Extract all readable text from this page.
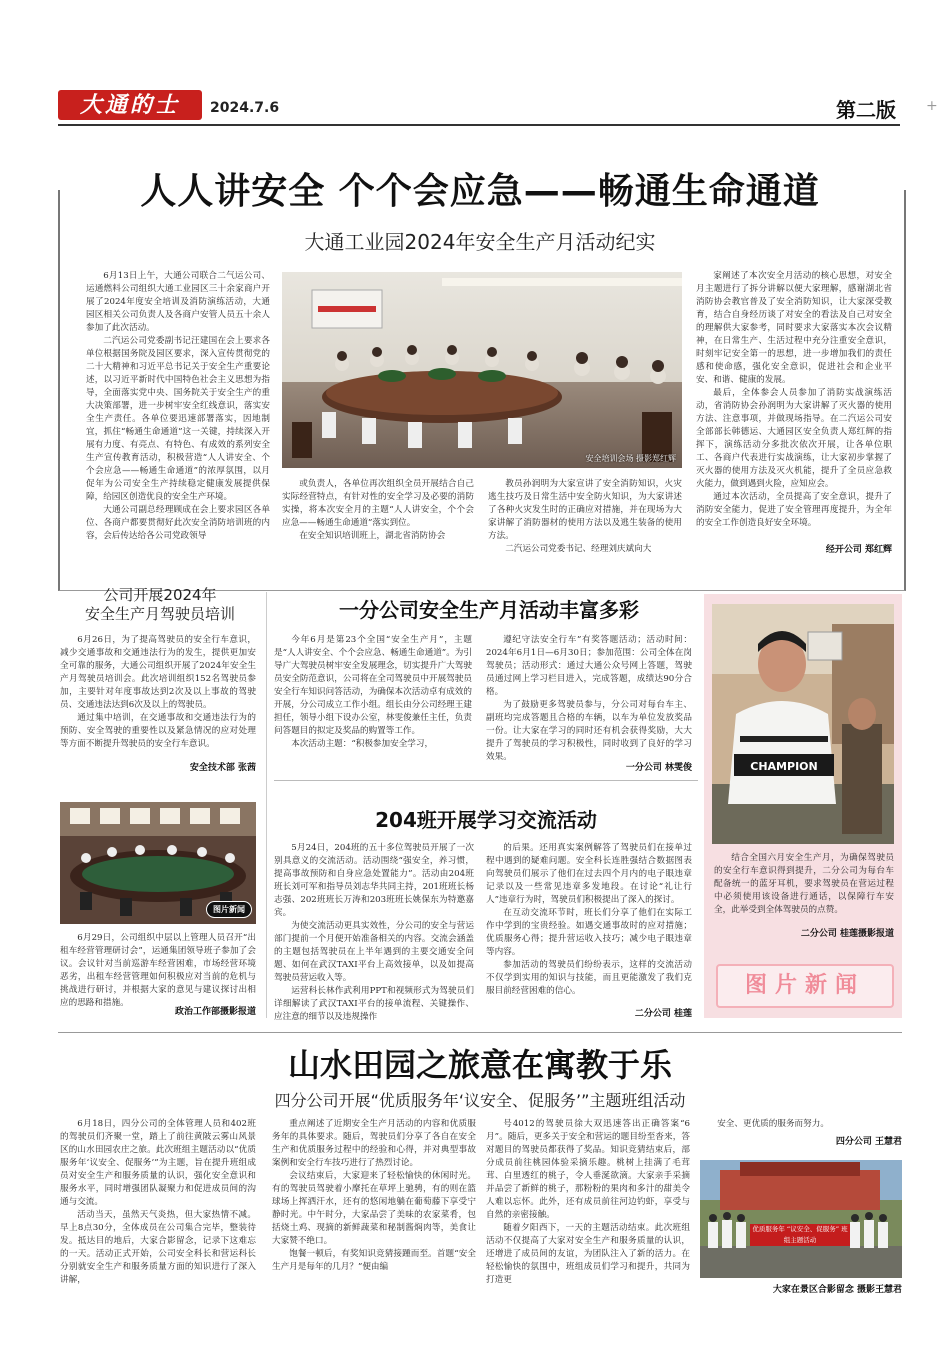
大通的士	2024.7.6	第二版 +
人人讲安全 个个会应急——畅通生命通道
大通工业园2024年安全生产月活动纪实

6月13日上午，大通公司联合二气运公司、运通燃料公司组织大通工业园区三十余家商户开展了2024年度安全培训及消防演练活动，大通园区相关公司负责人及各商户安管人员五十余人参加了此次活动。

二汽运公司党委副书记汪建国在会上要求各单位根据国务院及园区要求，深入宣传贯彻党的二十大精神和习近平总书记关于安全生产重要论述，以习近平新时代中国特色社会主义思想为指导，全面落实党中央、国务院关于安全生产的重大决策部署，进一步树牢安全红线意识，落实安全生产责任。各单位要迅速部署落实，因地制宜，抓住“畅通生命通道”这一关键，持续深入开展有力度、有亮点、有特色、有成效的系列安全生产宣传教育活动，积极营造“人人讲安全、个个会应急——畅通生命通道”的浓厚氛围，以月促年为公司安全生产持续稳定健康发展提供保障，给园区创造优良的安全生产环境。

大通公司副总经理顾成在会上要求园区各单位、各商户都要贯彻好此次安全消防培训班的内容，会后传达给各公司党政领导

安全培训会场 摄影郑红辉

或负责人，各单位再次组织全员开展结合自己实际经营特点，有针对性的安全学习及必要的消防实操，将本次安全月的主题“人人讲安全，个个会应急——畅通生命通道”落实到位。

在安全知识培训班上，湖北省消防协会

教员孙润明为大家宣讲了安全消防知识，火灾逃生技巧及日常生活中安全防火知识，为大家讲述了各种火灾发生时的正确应对措施，并在现场为大家讲解了消防器材的使用方法以及逃生装备的使用方法。

二汽运公司党委书记、经理刘庆斌向大

家阐述了本次安全月活动的核心思想，对安全月主题进行了拆分讲解以便大家理解，感谢湖北省消防协会教官普及了安全消防知识，让大家深受教育，结合自身经历谈了对安全的看法及自己对安全的理解供大家参考，同时要求大家落实本次会议精神，在日常生产、生活过程中充分注重安全意识，时刻牢记安全第一的思想，进一步增加我们的责任感和使命感，强化安全意识，促进社会和企业平安、和谐、健康的发展。

最后，全体参会人员参加了消防实战演练活动，省消防协会孙润明为大家讲解了灭火器的使用方法、注意事项，并做现场指导。在二汽运公司安全部部长韩德运、大通园区安全负责人郑红辉的指挥下，演练活动分多批次依次开展，让各单位职工、各商户代表进行实战演练，让大家初步掌握了灭火器的使用方法及灭火机能，提升了全员应急救火能力，做到遇到火险，应知应会。

通过本次活动，全员提高了安全意识，提升了消防安全能力，促进了安全管理再度提升，为全年的安全工作创造良好安全环境。

经开公司 郑红辉
公司开展2024年
安全生产月驾驶员培训

6月26日，为了提高驾驶员的安全行车意识，减少交通事故和交通违法行为的发生，提供更加安全可靠的服务，大通公司组织开展了2024年安全生产月驾驶员培训会。此次培训组织152名驾驶员参加，主要针对年度事故达到2次及以上事故的驾驶员、交通违法达到6次及以上的驾驶员。

通过集中培训，在交通事故和交通违法行为的预防、安全驾驶的重要性以及紧急情况的应对处理等方面不断提升驾驶员的安全行车意识。

安全技术部 张茜
一分公司安全生产月活动丰富多彩

今年6月是第23个全国“安全生产月”，主题是“人人讲安全、个个会应急、畅通生命通道”。为引导广大驾驶员树牢安全发展理念，切实提升广大驾驶员安全防范意识，公司将在全司驾驶员中开展驾驶员安全行车知识问答活动，为确保本次活动卓有成效的开展，分公司成立工作小组。组长由分公司经理王建担任，领导小组下设办公室，林雯俊兼任主任，负责问答题目的拟定及奖品的购置等工作。

本次活动主题：“积极参加安全学习，

遵纪守法安全行车”有奖答题活动；活动时间：2024年6月1日—6月30日；参加范围：公司全体在岗驾驶员；活动形式：通过大通公众号网上答题，驾驶员通过网上学习栏目进入，完成答题，成绩达90分合格。

为了鼓励更多驾驶员参与，分公司对每台车主、副班均完成答题且合格的车辆，以车为单位发放奖品一份。让大家在学习的同时还有机会获得奖励，大大提升了驾驶员的学习积极性，同时收到了良好的学习效果。

一分公司 林雯俊	CHAMPION

结合全国六月安全生产月，为确保驾驶员的安全行车意识得到提升，二分公司为每台车配备统一的蓝牙耳机，要求驾驶员在营运过程中必须使用该设备进行通话，以保障行车安全，此举受到全体驾驶员的点赞。

二分公司 桂莲摄影报道
图片新闻
图片新闻

6月29日，公司组织中层以上管理人员召开“出租车经营管理研讨会”，运通集团领导班子参加了会议。会议针对当前巡游车经营困难，市场经营环境恶劣，出租车经营管理如何积极应对当前的危机与挑战进行研讨，并根据大家的意见与建议探讨出相应的思路和措施。

政治工作部摄影报道
204班开展学习交流活动

5月24日，204班的五十多位驾驶员开展了一次别具意义的交流活动。活动围绕“强安全，养习惯，提高事故预防和自身应急处置能力”。活动由204班班长刘可军和指导员刘志华共同主持，201班班长杨志强、202班班长万涛和203班班长姚保东为特邀嘉宾。

为使交流活动更具实效性，分公司的安全与营运部门提前一个月便开始准备相关的内容。交流会涵盖的主题包括驾驶员在上半年遇到的主要交通安全问题、如何在武汉TAXI平台上高效接单，以及如提高驾驶员营运收入等。

运营科长林作武利用PPT和视频形式为驾驶员们详细解读了武汉TAXI平台的接单流程、关键操作、应注意的细节以及违规操作

的后果。还用真实案例解答了驾驶员们在接单过程中遇到的疑难问题。安全科长连胜强结合数据图表向驾驶员们展示了他们在过去四个月内的电子眼违章记录以及一些常见违章多发地段。在讨论“礼让行人”违章行为时，驾驶员们积极提出了深入的探讨。

在互动交流环节时，班长们分享了他们在实际工作中学到的宝贵经验。如遇交通事故时的应对措施；优质服务心得；提升营运收入技巧；减少电子眼违章等内容。

参加活动的驾驶员们纷纷表示，这样的交流活动不仅学到实用的知识与技能，而且更能激发了我们克服目前经营困难的信心。

二分公司 桂莲
山水田园之旅意在寓教于乐
四分公司开展“优质服务年‘议安全、促服务’”主题班组活动

6月18日，四分公司的全体管理人员和402班的驾驶员们齐聚一堂，踏上了前往黄陂云雾山风景区的山水田园农庄之旅。此次班组主题活动以“优质服务年‘议安全、促服务’”为主题，旨在提升班组成员对安全生产和服务质量的认识，强化安全意识和服务水平，同时增强团队凝聚力和促进成员间的沟通与交流。

活动当天，虽然天气炎热，但大家热情不减。早上8点30分，全体成员在公司集合完毕，整装待发。抵达目的地后，大家合影留念，记录下这难忘的一天。活动正式开始，公司安全科长和营运科长分别就安全生产和服务质量方面的知识进行了深入讲解，

重点阐述了近期安全生产月活动的内容和优质服务年的具体要求。随后，驾驶员们分享了各自在安全生产和优质服务过程中的经验和心得，并对典型事故案例和安全行车技巧进行了热烈讨论。

会议结束后，大家迎来了轻松愉快的休闲时光。有的驾驶员驾驶着小摩托在草坪上驰骋，有的则在篮球场上挥洒汗水，还有的悠闲地躺在葡萄藤下享受宁静时光。中午时分，大家品尝了美味的农家菜肴，包括烧土鸡、现摘的新鲜蔬菜和秘制酱焖肉等，美食让大家赞不绝口。

饱餐一顿后，有奖知识竞猜接踵而至。首题“安全生产月是每年的几月？”便由编

号4012的驾驶员徐大双迅速答出正确答案“6月”。随后，更多关于安全和营运的题目纷至沓来，答对题目的驾驶员都获得了奖品。知识竞猜结束后，部分成员前往桃园体验采摘乐趣。桃树上挂满了毛茸茸、白里透红的桃子，令人垂涎欲滴。大家亲手采摘并品尝了新鲜的桃子，那粉粉的果肉和多汁的甜美令人难以忘怀。此外，还有成员前往河边钓虾，享受与自然的亲密接触。

随着夕阳西下，一天的主题活动结束。此次班组活动不仅提高了大家对安全生产和服务质量的认识，还增进了成员间的友谊，为团队注入了新的活力。在轻松愉快的氛围中，班组成员们学习和提升，共同为打造更

安全、更优质的服务而努力。

四分公司 王慧君
优质服务年 “议安全、促服务” 班组主题活动
大家在景区合影留念 摄影王慧君
